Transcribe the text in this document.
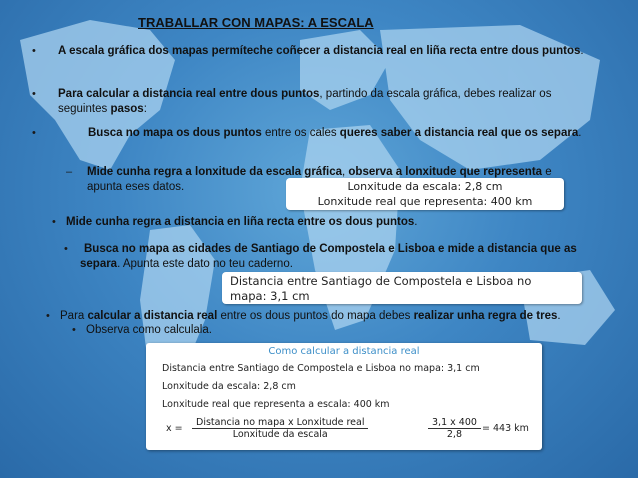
TRABALLAR CON MAPAS: A ESCALA
• A escala gráfica dos mapas permíteche coñecer a distancia real en liña recta entre dous puntos.
• Para calcular a distancia real entre dous puntos, partindo da escala gráfica, debes realizar os seguintes pasos:
•	Busca no mapa os dous puntos entre os cales queres saber a distancia real que os separa.
– Mide cunha regra a lonxitude da escala gráfica, observa a lonxitude que representa e apunta eses datos.	Lonxitude da escala: 2,8 cm
Lonxitude real que representa: 400 km
• Mide cunha regra a distancia en liña recta entre os dous puntos.
•	Busca no mapa as cidades de Santiago de Compostela e Lisboa e mide a distancia que as separa. Apunta este dato no teu caderno.
Distancia entre Santiago de Compostela e Lisboa no
mapa: 3,1 cm
• Para calcular a distancia real entre os dous puntos do mapa debes realizar unha regra de tres.
• Observa como calculala.
Como calcular a distancia real
Distancia entre Santiago de Compostela e Lisboa no mapa: 3,1 cm
Lonxitude da escala: 2,8 cm
Lonxitude real que representa a escala: 400 km
$x = \frac{\text{Distancia no mapa x Lonxitude real}}{\text{Lonxitude da escala}}$	$\frac{3,1 x 400}{2,8} = 443$ km
